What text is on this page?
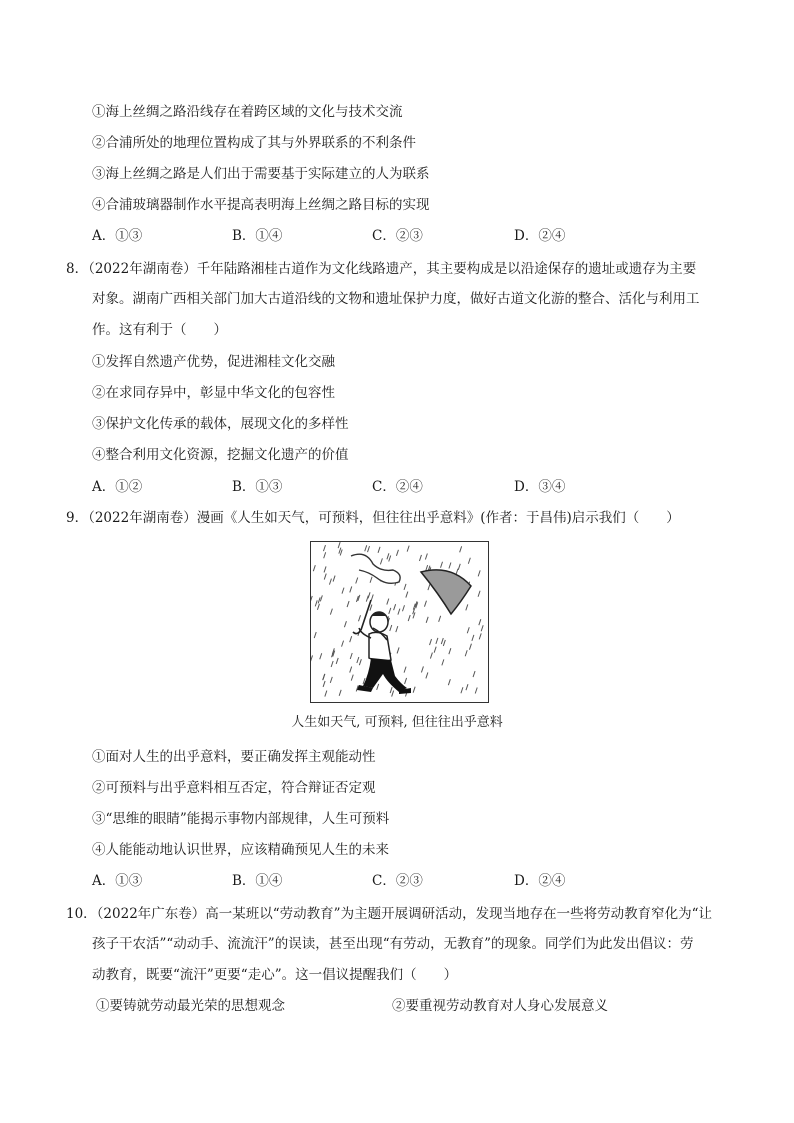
①海上丝绸之路沿线存在着跨区域的文化与技术交流
②合浦所处的地理位置构成了其与外界联系的不利条件
③海上丝绸之路是人们出于需要基于实际建立的人为联系
④合浦玻璃器制作水平提高表明海上丝绸之路目标的实现
A．①③	B．①④	C．②③	D．②④
8．（2022年湖南卷）千年陆路湘桂古道作为文化线路遗产，其主要构成是以沿途保存的遗址或遗存为主要
对象。湖南广西相关部门加大古道沿线的文物和遗址保护力度，做好古道文化游的整合、活化与利用工
作。这有利于（　　）
①发挥自然遗产优势，促进湘桂文化交融
②在求同存异中，彰显中华文化的包容性
③保护文化传承的载体，展现文化的多样性
④整合利用文化资源，挖掘文化遗产的价值
A．①②	B．①③	C．②④	D．③④
9．（2022年湖南卷）漫画《人生如天气，可预料，但往往出乎意料》(作者：于昌伟)启示我们（　　）
人生如天气, 可预料, 但往往出乎意料
①面对人生的出乎意料，要正确发挥主观能动性
②可预料与出乎意料相互否定，符合辩证否定观
③“思维的眼睛”能揭示事物内部规律，人生可预料
④人能能动地认识世界，应该精确预见人生的未来
A．①③	B．①④	C．②③	D．②④
10．（2022年广东卷）高一某班以“劳动教育”为主题开展调研活动，发现当地存在一些将劳动教育窄化为“让
孩子干农活”“动动手、流流汗”的误读，甚至出现“有劳动，无教育”的现象。同学们为此发出倡议：劳
动教育，既要“流汗”更要“走心”。这一倡议提醒我们（　　）
①要铸就劳动最光荣的思想观念	②要重视劳动教育对人身心发展意义
